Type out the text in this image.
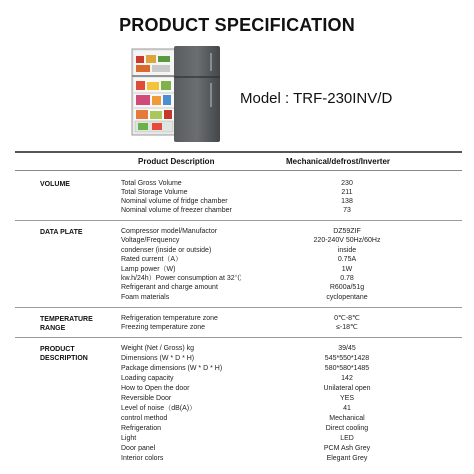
PRODUCT SPECIFICATION
Model : TRF-230INV/D
Product Description	Mechanical/defrost/Inverter
VOLUME	Total Gross Volume	230
Total Storage Volume	211
Nominal volume of fridge chamber	138
Nominal volume of freezer chamber	73
DATA PLATE	Compressor model/Manufactor	DZ59ZIF
Voltage/Frequency	220-240V 50Hz/60Hz
condenser (inside or outside)	inside
Rated current（A）	0.75A
Lamp power（W)	1W
kw.h/24h）Power consumption at 32℃	0.78
Refrigerant and charge amount	R600a/51g
Foam materials	cyclopentane
TEMPERATURE RANGE
Refrigeration temperature zone	0℃-8℃
Freezing temperature zone	≤-18℃
PRODUCT DESCRIPTION
Weight (Net / Gross) kg	39/45
Dimensions (W * D * H)	545*550*1428
Package dimensions (W * D * H)	580*580*1485
Loading capacity	142
How to Open the door	Unilateral open
Reversible Door	YES
Level of noise（dB(A)）	41
control method	Mechanical
Refrigeration	Direct cooling
Light	LED
Door panel	PCM Ash Grey
Interior colors	Elegant Grey
